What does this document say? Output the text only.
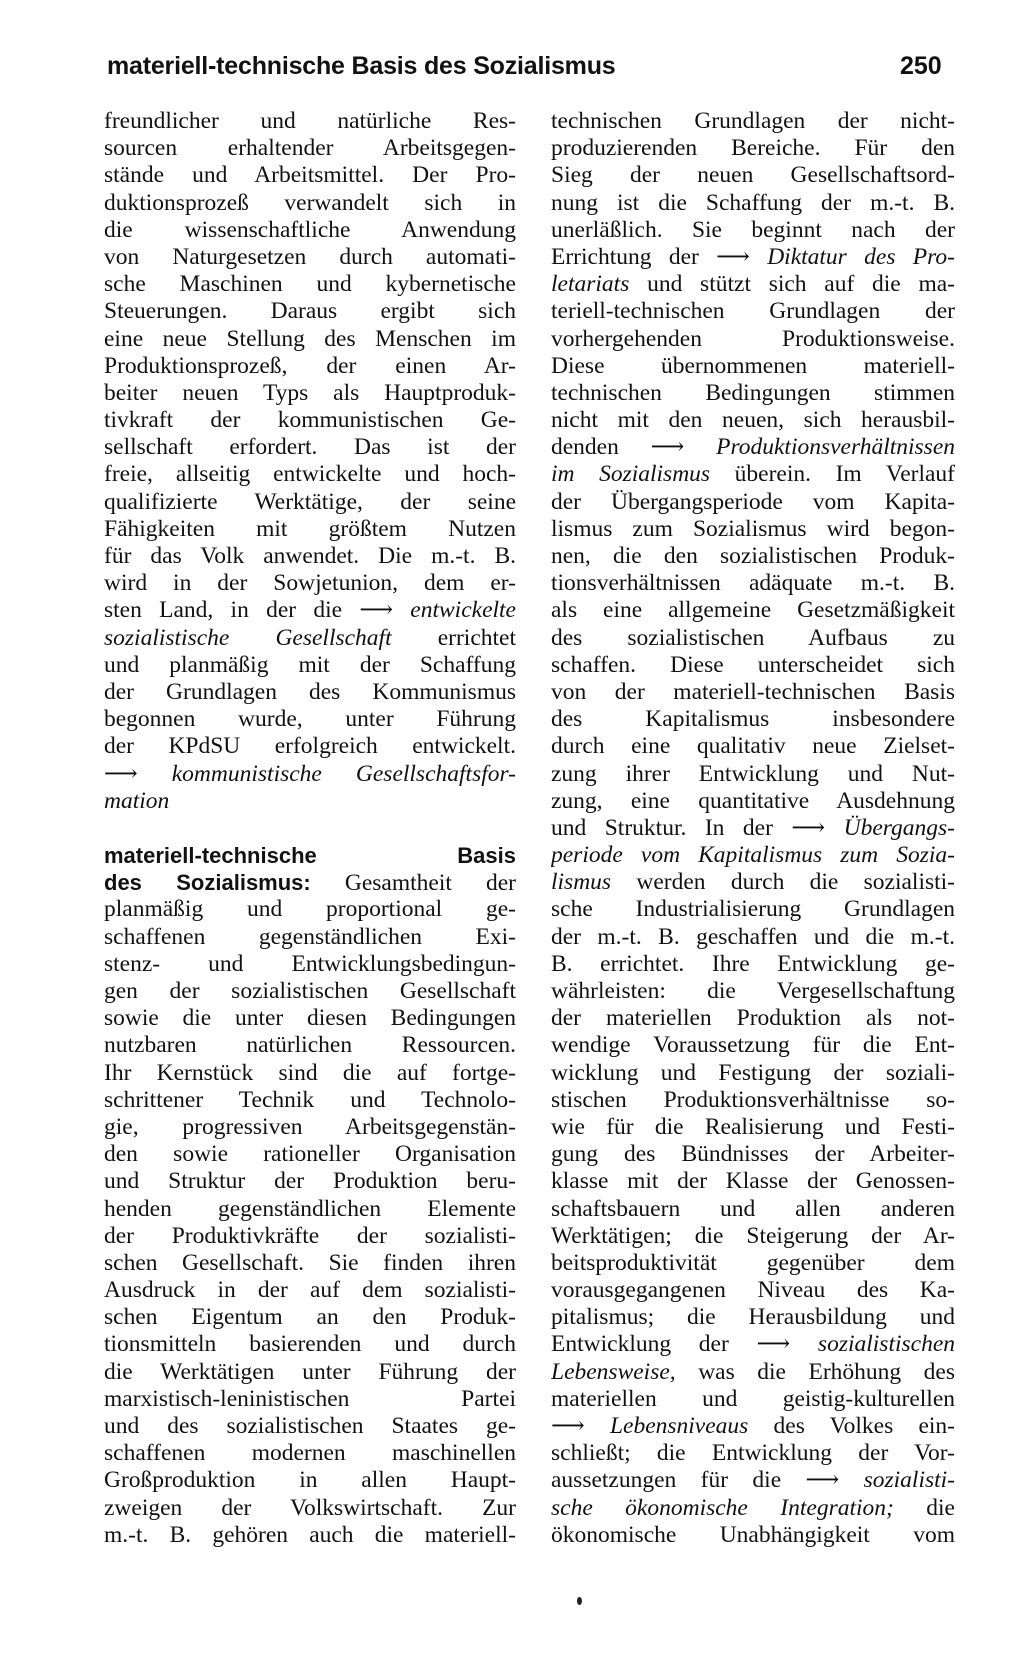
materiell-technische Basis des Sozialismus	250
freundlicher und natürliche Res-
sourcen erhaltender Arbeitsgegen-
stände und Arbeitsmittel. Der Pro-
duktionsprozeß verwandelt sich in
die wissenschaftliche Anwendung
von Naturgesetzen durch automati-
sche Maschinen und kybernetische
Steuerungen. Daraus ergibt sich
eine neue Stellung des Menschen im
Produktionsprozeß, der einen Ar-
beiter neuen Typs als Hauptproduk-
tivkraft der kommunistischen Ge-
sellschaft erfordert. Das ist der
freie, allseitig entwickelte und hoch-
qualifizierte Werktätige, der seine
Fähigkeiten mit größtem Nutzen
für das Volk anwendet. Die m.-t. B.
wird in der Sowjetunion, dem er-
sten Land, in der die ⟶ entwickelte
sozialistische Gesellschaft errichtet
und planmäßig mit der Schaffung
der Grundlagen des Kommunismus
begonnen wurde, unter Führung
der KPdSU erfolgreich entwickelt.
⟶ kommunistische Gesellschaftsfor-
mation
materiell-technische	Basis
des Sozialismus: Gesamtheit der
planmäßig und proportional ge-
schaffenen gegenständlichen Exi-
stenz- und Entwicklungsbedingun-
gen der sozialistischen Gesellschaft
sowie die unter diesen Bedingungen
nutzbaren natürlichen Ressourcen.
Ihr Kernstück sind die auf fortge-
schrittener Technik und Technolo-
gie, progressiven Arbeitsgegenstän-
den sowie rationeller Organisation
und Struktur der Produktion beru-
henden gegenständlichen Elemente
der Produktivkräfte der sozialisti-
schen Gesellschaft. Sie finden ihren
Ausdruck in der auf dem sozialisti-
schen Eigentum an den Produk-
tionsmitteln basierenden und durch
die Werktätigen unter Führung der
marxistisch-leninistischen Partei
und des sozialistischen Staates ge-
schaffenen modernen maschinellen
Großproduktion in allen Haupt-
zweigen der Volkswirtschaft. Zur
m.-t. B. gehören auch die materiell-
technischen Grundlagen der nicht-
produzierenden Bereiche. Für den
Sieg der neuen Gesellschaftsord-
nung ist die Schaffung der m.-t. B.
unerläßlich. Sie beginnt nach der
Errichtung der ⟶ Diktatur des Pro-
letariats und stützt sich auf die ma-
teriell-technischen Grundlagen der
vorhergehenden Produktionsweise.
Diese übernommenen materiell-
technischen Bedingungen stimmen
nicht mit den neuen, sich herausbil-
denden ⟶ Produktionsverhältnissen
im Sozialismus überein. Im Verlauf
der Übergangsperiode vom Kapita-
lismus zum Sozialismus wird begon-
nen, die den sozialistischen Produk-
tionsverhältnissen adäquate m.-t. B.
als eine allgemeine Gesetzmäßigkeit
des sozialistischen Aufbaus zu
schaffen. Diese unterscheidet sich
von der materiell-technischen Basis
des Kapitalismus insbesondere
durch eine qualitativ neue Zielset-
zung ihrer Entwicklung und Nut-
zung, eine quantitative Ausdehnung
und Struktur. In der ⟶ Übergangs-
periode vom Kapitalismus zum Sozia-
lismus werden durch die sozialisti-
sche Industrialisierung Grundlagen
der m.-t. B. geschaffen und die m.-t.
B. errichtet. Ihre Entwicklung ge-
währleisten: die Vergesellschaftung
der materiellen Produktion als not-
wendige Voraussetzung für die Ent-
wicklung und Festigung der soziali-
stischen Produktionsverhältnisse so-
wie für die Realisierung und Festi-
gung des Bündnisses der Arbeiter-
klasse mit der Klasse der Genossen-
schaftsbauern und allen anderen
Werktätigen; die Steigerung der Ar-
beitsproduktivität gegenüber dem
vorausgegangenen Niveau des Ka-
pitalismus; die Herausbildung und
Entwicklung der ⟶ sozialistischen
Lebensweise, was die Erhöhung des
materiellen und geistig-kulturellen
⟶ Lebensniveaus des Volkes ein-
schließt; die Entwicklung der Vor-
aussetzungen für die ⟶ sozialisti-
sche ökonomische Integration; die
ökonomische Unabhängigkeit vom
